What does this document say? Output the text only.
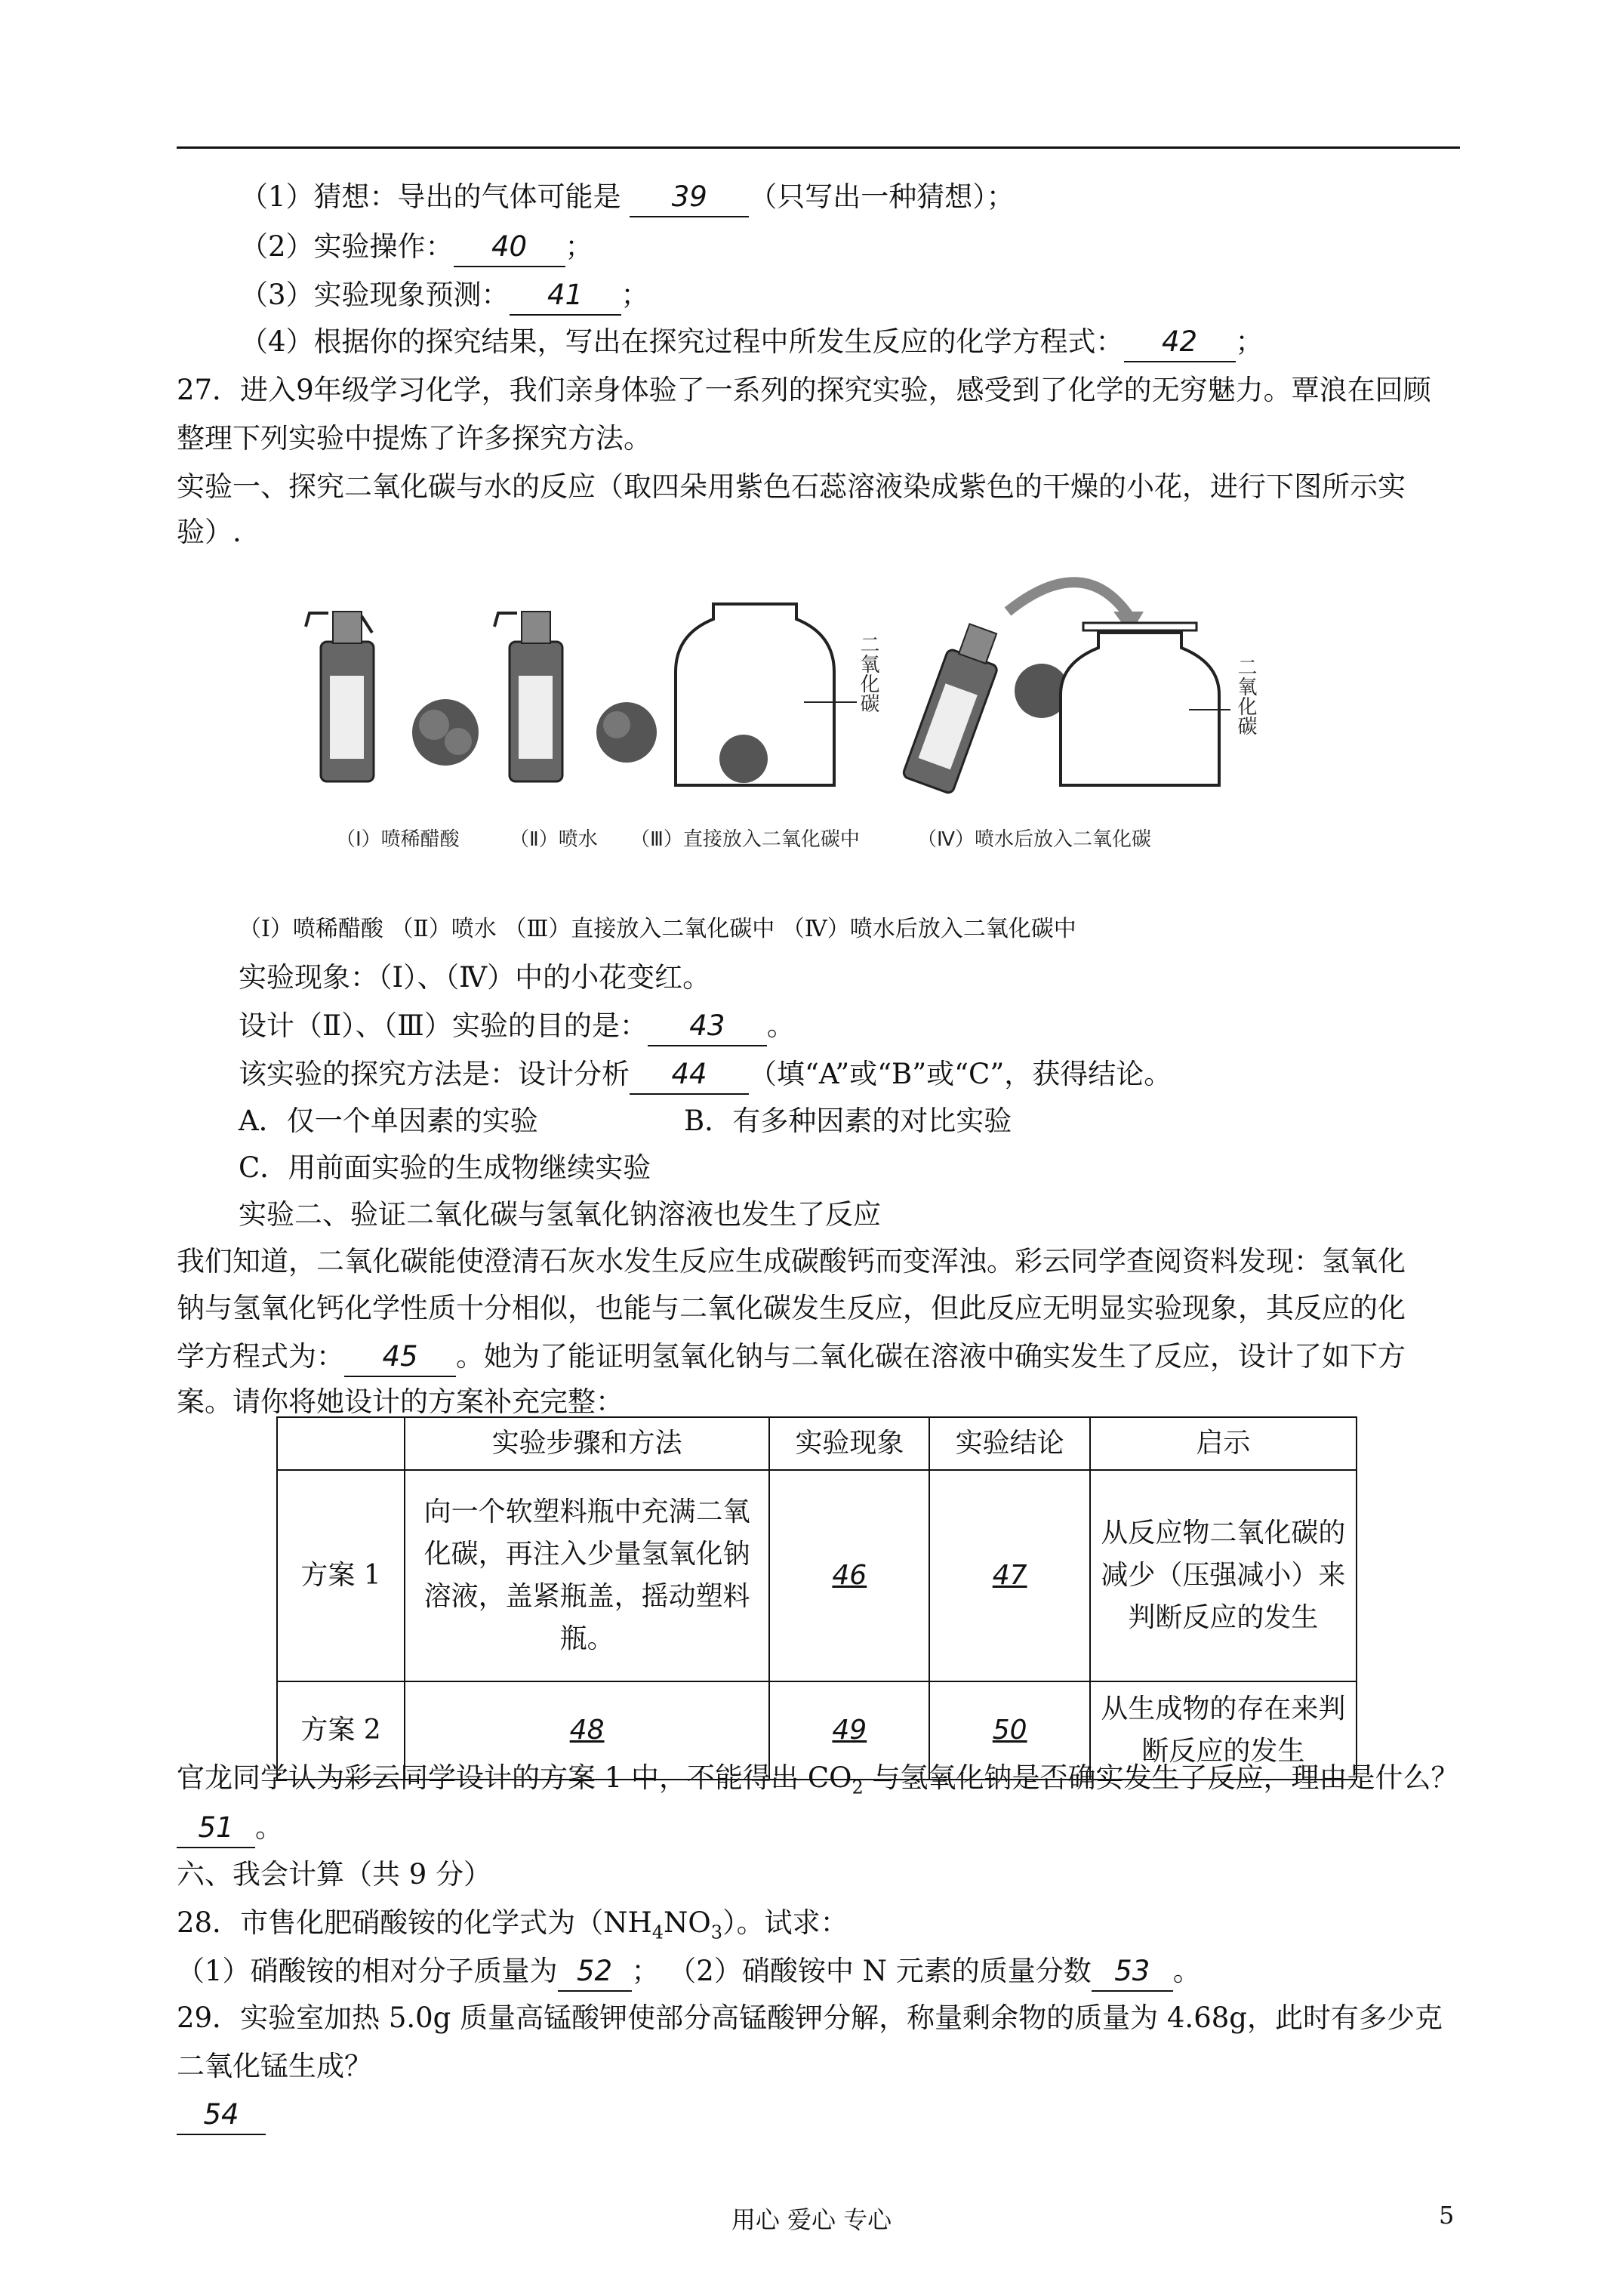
（1）猜想：导出的气体可能是 39 （只写出一种猜想）；
（2）实验操作： 40 ；
（3）实验现象预测： 41 ；
（4）根据你的探究结果，写出在探究过程中所发生反应的化学方程式： 42 ；
27．进入9年级学习化学，我们亲身体验了一系列的探究实验，感受到了化学的无穷魅力。覃浪在回顾
整理下列实验中提炼了许多探究方法。
实验一、探究二氧化碳与水的反应（取四朵用紫色石蕊溶液染成紫色的干燥的小花，进行下图所示实
验）.
二氧化碳	二氧化碳
（Ⅰ）喷稀醋酸	（Ⅱ）喷水 （Ⅲ）直接放入二氧化碳中	（Ⅳ）喷水后放入二氧化碳
（Ⅰ）喷稀醋酸 （Ⅱ）喷水 （Ⅲ）直接放入二氧化碳中 （Ⅳ）喷水后放入二氧化碳中
实验现象：（Ⅰ）、（Ⅳ）中的小花变红。
设计（Ⅱ）、（Ⅲ）实验的目的是： 43 。
该实验的探究方法是：设计分析 44 （填“A”或“B”或“C”，获得结论。
A．仅一个单因素的实验	B．有多种因素的对比实验
C．用前面实验的生成物继续实验
实验二、验证二氧化碳与氢氧化钠溶液也发生了反应
我们知道，二氧化碳能使澄清石灰水发生反应生成碳酸钙而变浑浊。彩云同学查阅资料发现：氢氧化
钠与氢氧化钙化学性质十分相似，也能与二氧化碳发生反应，但此反应无明显实验现象，其反应的化
学方程式为： 45 。她为了能证明氢氧化钠与二氧化碳在溶液中确实发生了反应，设计了如下方
案。请你将她设计的方案补充完整：
	实验步骤和方法	实验现象	实验结论	启示
方案 1	向一个软塑料瓶中充满二氧化碳，再注入少量氢氧化钠溶液，盖紧瓶盖，摇动塑料瓶。	46	47	从反应物二氧化碳的减少（压强减小）来判断反应的发生
方案 2	48	49	50	从生成物的存在来判断反应的发生
官龙同学认为彩云同学设计的方案 1 中，不能得出 $CO_2$ 与氢氧化钠是否确实发生了反应，理由是什么？
51 。
六、我会计算（共 9 分）
28．市售化肥硝酸铵的化学式为$(NH_4NO_3)$。试求：
（1）硝酸铵的相对分子质量为 52 ； （2）硝酸铵中 N 元素的质量分数 53 。
29．实验室加热 5.0g 质量高锰酸钾使部分高锰酸钾分解，称量剩余物的质量为 4.68g，此时有多少克
二氧化锰生成？
54
用心 爱心 专心	5
